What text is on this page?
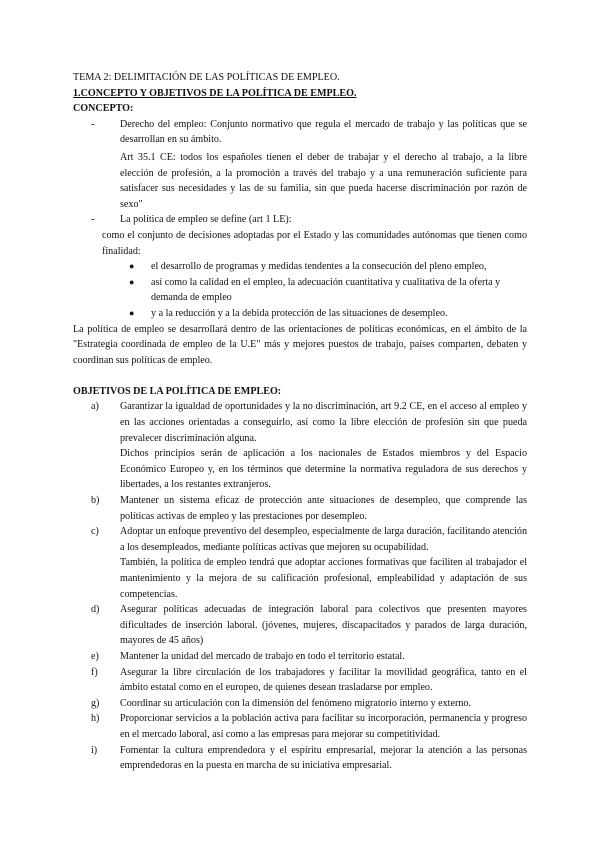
TEMA 2: DELIMITACIÓN DE LAS POLÍTICAS DE EMPLEO.

1.CONCEPTO Y OBJETIVOS DE LA POLÍTICA DE EMPLEO.

CONCEPTO:

-	Derecho del empleo: Conjunto normativo que regula el mercado de trabajo y las políticas que se desarrollan en su ámbito.

Art 35.1 CE: todos los españoles tienen el deber de trabajar y el derecho al trabajo, a la libre elección de profesión, a la promoción a través del trabajo y a una remuneración suficiente para satisfacer sus necesidades y las de su familia, sin que pueda hacerse discriminación por razón de sexo"

-	La política de empleo se define (art 1 LE):

como el conjunto de decisiones adoptadas por el Estado y las comunidades autónomas que tienen como finalidad:

●	el desarrollo de programas y medidas tendentes a la consecución del pleno empleo,
●	así como la calidad en el empleo, la adecuación cuantitativa y cualitativa de la oferta y demanda de empleo
●	y a la reducción y a la debida protección de las situaciones de desempleo.

La política de empleo se desarrollará dentro de las orientaciones de políticas económicas, en el ámbito de la "Estrategia coordinada de empleo de la U.E" más y mejores puestos de trabajo, países comparten, debaten y coordinan sus políticas de empleo.

OBJETIVOS DE LA POLÍTICA DE EMPLEO:

a)	Garantizar la igualdad de oportunidades y la no discriminación, art 9.2 CE, en el acceso al empleo y en las acciones orientadas a conseguirlo, así como la libre elección de profesión sin que pueda prevalecer discriminación alguna.

Dichos principios serán de aplicación a los nacionales de Estados miembros y del Espacio Económico Europeo y, en los términos que determine la normativa reguladora de sus derechos y libertades, a los restantes extranjeros.

b)	Mantener un sistema eficaz de protección ante situaciones de desempleo, que comprende las políticas activas de empleo y las prestaciones por desempleo.

c)	Adoptar un enfoque preventivo del desempleo, especialmente de larga duración, facilitando atención a los desempleados, mediante políticas activas que mejoren su ocupabilidad.

También, la política de empleo tendrá que adoptar acciones formativas que faciliten al trabajador el mantenimiento y la mejora de su calificación profesional, empleabilidad y adaptación de sus competencias.

d)	Asegurar políticas adecuadas de integración laboral para colectivos que presenten mayores dificultades de inserción laboral. (jóvenes, mujeres, discapacitados y parados de larga duración, mayores de 45 años)

e)	Mantener la unidad del mercado de trabajo en todo el territorio estatal.

f)	Asegurar la libre circulación de los trabajadores y facilitar la movilidad geográfica, tanto en el ámbito estatal como en el europeo, de quienes desean trasladarse por empleo.

g)	Coordinar su articulación con la dimensión del fenómeno migratorio interno y externo.

h)	Proporcionar servicios a la población activa para facilitar su incorporación, permanencia y progreso en el mercado laboral, así como a las empresas para mejorar su competitividad.

i)	Fomentar la cultura emprendedora y el espíritu empresarial, mejorar la atención a las personas emprendedoras en la puesta en marcha de su iniciativa empresarial.
